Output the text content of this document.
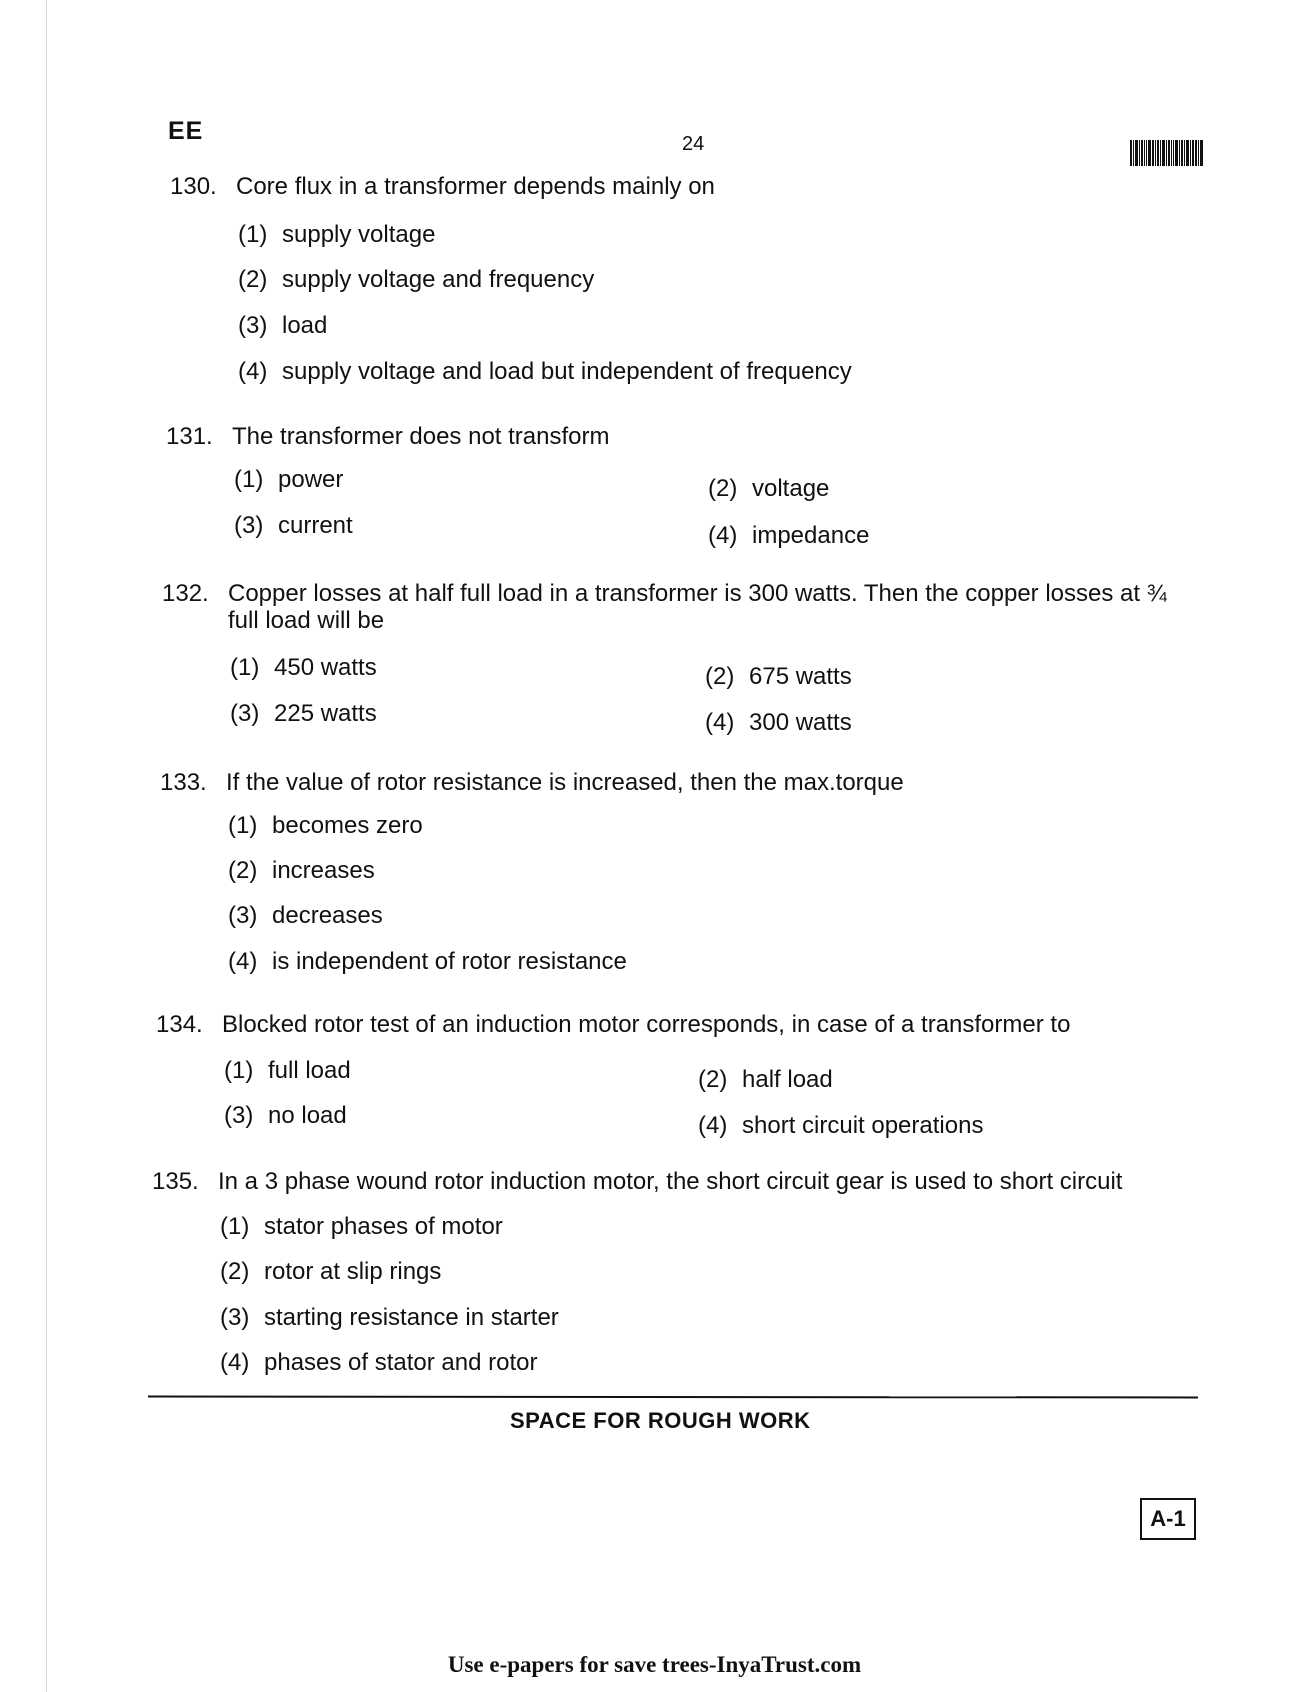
EE	24
130. Core flux in a transformer depends mainly on
(1) supply voltage
(2) supply voltage and frequency
(3) load
(4) supply voltage and load but independent of frequency
131. The transformer does not transform
(1) power	(2) voltage
(3) current	(4) impedance
132. Copper losses at half full load in a transformer is 300 watts. Then the copper losses at ¾ full load will be
(1) 450 watts	(2) 675 watts
(3) 225 watts	(4) 300 watts
133. If the value of rotor resistance is increased, then the max.torque
(1) becomes zero
(2) increases
(3) decreases
(4) is independent of rotor resistance
134. Blocked rotor test of an induction motor corresponds, in case of a transformer to
(1) full load	(2) half load
(3) no load	(4) short circuit operations
135. In a 3 phase wound rotor induction motor, the short circuit gear is used to short circuit
(1) stator phases of motor
(2) rotor at slip rings
(3) starting resistance in starter
(4) phases of stator and rotor
SPACE FOR ROUGH WORK
A-1
Use e-papers for save trees-InyaTrust.com
